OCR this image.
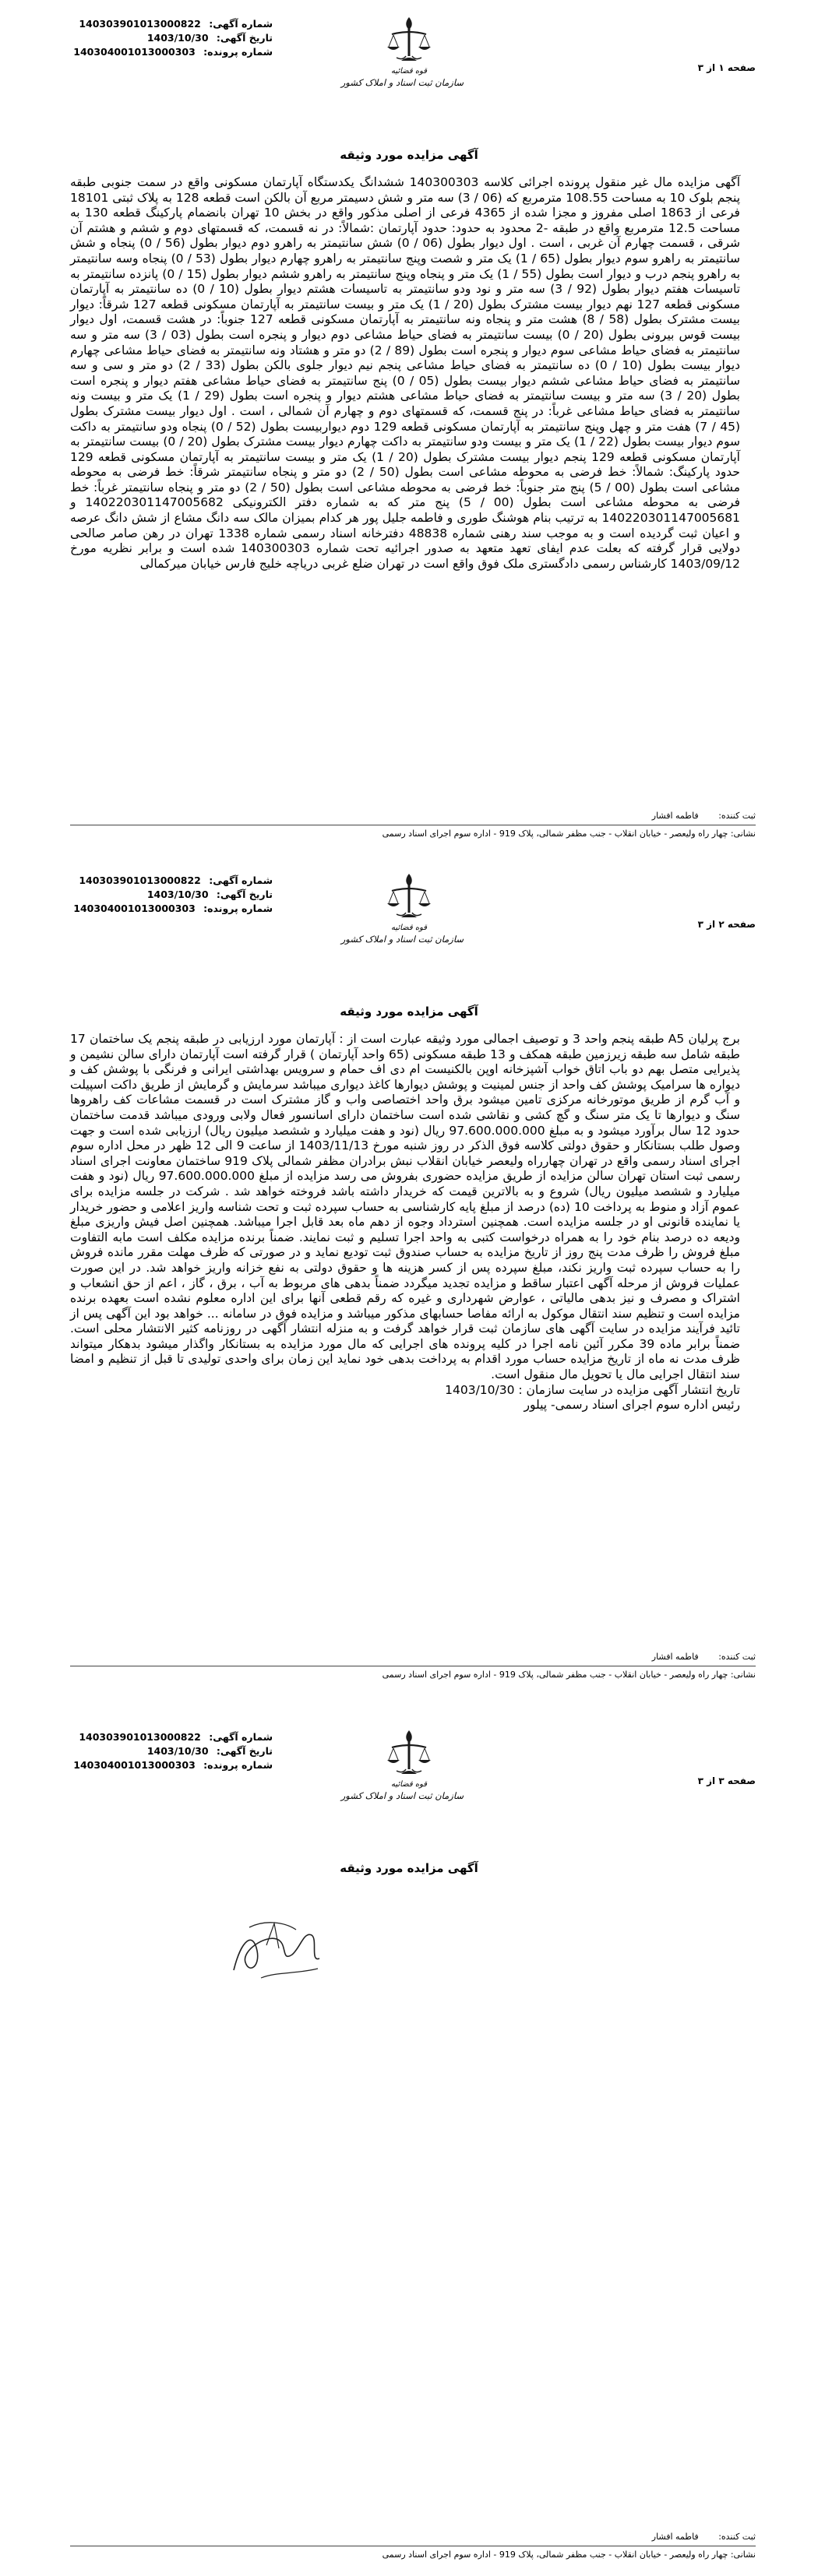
شماره آگهی: 140303901013000822
تاریخ آگهی: 1403/10/30
شماره پرونده: 140304001013000303
قوه قضائیه
سازمان ثبت اسناد و املاک کشور
صفحه ۱ از ۳
آگهی مزایده مورد وثیقه
آگهی مزایده مال غیر منقول پرونده اجرائی کلاسه 140300303 ششدانگ یکدستگاه آپارتمان مسکونی واقع در سمت جنوبی طبقه پنجم بلوک 10 به مساحت 108.55 مترمربع که (06 / 3) سه متر و شش دسیمتر مربع آن بالکن است قطعه 128 به پلاک ثبتی 18101 فرعی از 1863 اصلی مفروز و مجزا شده از 4365 فرعی از اصلی مذکور واقع در بخش 10 تهران بانضمام پارکینگ قطعه 130 به مساحت 12.5 مترمربع واقع در طبقه -2 محدود به حدود: حدود آپارتمان :شمالاً: در نه قسمت، که قسمتهای دوم و ششم و هشتم آن شرقی ، قسمت چهارم آن غربی ، است . اول دیوار بطول (06 / 0) شش سانتیمتر به راهرو دوم دیوار بطول (56 / 0) پنجاه و شش سانتیمتر به راهرو سوم دیوار بطول (65 / 1) یک متر و شصت وپنج سانتیمتر به راهرو چهارم دیوار بطول (53 / 0) پنجاه وسه سانتیمتر به راهرو پنجم درب و دیوار است بطول (55 / 1) یک متر و پنجاه وپنج سانتیمتر به راهرو ششم دیوار بطول (15 / 0) پانزده سانتیمتر به تاسیسات هفتم دیوار بطول (92 / 3) سه متر و نود ودو سانتیمتر به تاسیسات هشتم دیوار بطول (10 / 0) ده سانتیمتر به آپارتمان مسکونی قطعه 127 نهم دیوار بیست مشترک بطول (20 / 1) یک متر و بیست سانتیمتر به آپارتمان مسکونی قطعه 127 شرقاً: دیوار بیست مشترک بطول (58 / 8) هشت متر و پنجاه ونه سانتیمتر به آپارتمان مسکونی قطعه 127 جنوباً: در هشت قسمت، اول دیوار بیست قوس بیرونی بطول (20 / 0) بیست سانتیمتر به فضای حیاط مشاعی دوم دیوار و پنجره است بطول (03 / 3) سه متر و سه سانتیمتر به فضای حیاط مشاعی سوم دیوار و پنجره است بطول (89 / 2) دو متر و هشتاد ونه سانتیمتر به فضای حیاط مشاعی چهارم دیوار بیست بطول (10 / 0) ده سانتیمتر به فضای حیاط مشاعی پنجم نیم دیوار جلوی بالکن بطول (33 / 2) دو متر و سی و سه سانتیمتر به فضای حیاط مشاعی ششم دیوار بیست بطول (05 / 0) پنج سانتیمتر به فضای حیاط مشاعی هفتم دیوار و پنجره است بطول (20 / 3) سه متر و بیست سانتیمتر به فضای حیاط مشاعی هشتم دیوار و پنجره است بطول (29 / 1) یک متر و بیست ونه سانتیمتر به فضای حیاط مشاعی غرباً: در پنج قسمت، که قسمتهای دوم و چهارم آن شمالی ، است . اول دیوار بیست مشترک بطول (45 / 7) هفت متر و چهل وپنج سانتیمتر به آپارتمان مسکونی قطعه 129 دوم دیواربیست بطول (52 / 0) پنجاه ودو سانتیمتر به داکت سوم دیوار بیست بطول (22 / 1) یک متر و بیست ودو سانتیمتر به داکت چهارم دیوار بیست مشترک بطول (20 / 0) بیست سانتیمتر به آپارتمان مسکونی قطعه 129 پنجم دیوار بیست مشترک بطول (20 / 1) یک متر و بیست سانتیمتر به آپارتمان مسکونی قطعه 129 حدود پارکینگ: شمالاً: خط فرضی به محوطه مشاعی است بطول (50 / 2) دو متر و پنجاه سانتیمتر شرقاً: خط فرضی به محوطه مشاعی است بطول (00 / 5) پنج متر جنوباً: خط فرضی به محوطه مشاعی است بطول (50 / 2) دو متر و پنجاه سانتیمتر غرباً: خط فرضی به محوطه مشاعی است بطول (00 / 5) پنج متر که به شماره دفتر الکترونیکی 140220301147005682 و 140220301147005681 به ترتیب بنام هوشنگ طوری و فاطمه جلیل پور هر کدام بمیزان مالک سه دانگ مشاع از شش دانگ عرصه و اعیان ثبت گردیده است و به موجب سند رهنی شماره 48838 دفترخانه اسناد رسمی شماره 1338 تهران در رهن صامر صالحی دولایی قرار گرفته که بعلت عدم ایفای تعهد متعهد به صدور اجرائیه تحت شماره 140300303 شده است و برابر نظریه مورخ 1403/09/12 کارشناس رسمی دادگستری ملک فوق واقع است در تهران ضلع غربی دریاچه خلیج فارس خیابان میرکمالی
ثبت کننده: فاطمه افشار
نشانی: چهار راه ولیعصر - خیابان انقلاب - جنب مظفر شمالی، پلاک 919 - اداره سوم اجرای اسناد رسمی
شماره آگهی: 140303901013000822
تاریخ آگهی: 1403/10/30
شماره پرونده: 140304001013000303
قوه قضائیه
سازمان ثبت اسناد و املاک کشور
صفحه ۲ از ۳
آگهی مزایده مورد وثیقه
برج پرلیان A5 طبقه پنجم واحد 3 و توصیف اجمالی مورد وثیقه عبارت است از : آپارتمان مورد ارزیابی در طبقه پنجم یک ساختمان 17 طبقه شامل سه طبقه زیرزمین طبقه همکف و 13 طبقه مسکونی (65 واحد آپارتمان ) قرار گرفته است آپارتمان دارای سالن نشیمن و پذیرایی متصل بهم دو باب اتاق خواب آشپزخانه اوپن بالکنیست ام دی اف حمام و سرویس بهداشتی ایرانی و فرنگی با پوشش کف و دیواره ها سرامیک پوشش کف واحد از جنس لمینیت و پوشش دیوارها کاغذ دیواری میباشد سرمایش و گرمایش از طریق داکت اسپیلت و آب گرم از طریق موتورخانه مرکزی تامین میشود برق واحد اختصاصی واب و گاز مشترک است در قسمت مشاعات کف راهروها سنگ و دیوارها تا یک متر سنگ و گچ کشی و نقاشی شده است ساختمان دارای اسانسور فعال ولابی ورودی میباشد قدمت ساختمان حدود 12 سال برآورد میشود و به مبلغ 97.600.000.000 ریال (نود و هفت میلیارد و ششصد میلیون ریال) ارزیابی شده است و جهت وصول طلب بستانکار و حقوق دولتی کلاسه فوق الذکر در روز شنبه مورخ 1403/11/13 از ساعت 9 الی 12 ظهر در محل اداره سوم اجرای اسناد رسمی واقع در تهران چهارراه ولیعصر خیابان انقلاب نبش برادران مظفر شمالی پلاک 919 ساختمان معاونت اجرای اسناد رسمی ثبت استان تهران سالن مزایده از طریق مزایده حضوری بفروش می رسد مزایده از مبلغ 97.600.000.000 ریال (نود و هفت میلیارد و ششصد میلیون ریال) شروع و به بالاترین قیمت که خریدار داشته باشد فروخته خواهد شد . شرکت در جلسه مزایده برای عموم آزاد و منوط به پرداخت 10 (ده) درصد از مبلغ پایه کارشناسی به حساب سپرده ثبت و تحت شناسه واریز اعلامی و حضور خریدار یا نماینده قانونی او در جلسه مزایده است. همچنین استرداد وجوه از دهم ماه بعد قابل اجرا میباشد. همچنین اصل فیش واریزی مبلغ ودیعه ده درصد بنام خود را به همراه درخواست کتبی به واحد اجرا تسلیم و ثبت نمایند. ضمناً برنده مزایده مکلف است مابه التفاوت مبلغ فروش را ظرف مدت پنج روز از تاریخ مزایده به حساب صندوق ثبت تودیع نماید و در صورتی که ظرف مهلت مقرر مانده فروش را به حساب سپرده ثبت واریز نکند، مبلغ سپرده پس از کسر هزینه ها و حقوق دولتی به نفع خزانه واریز خواهد شد. در این صورت عملیات فروش از مرحله آگهی اعتبار ساقط و مزایده تجدید میگردد ضمناً بدهی های مربوط به آب ، برق ، گاز ، اعم از حق انشعاب و اشتراک و مصرف و نیز بدهی مالیاتی ، عوارض شهرداری و غیره که رقم قطعی آنها برای این اداره معلوم نشده است بعهده برنده مزایده است و تنظیم سند انتقال موکول به ارائه مفاصا حسابهای مذکور میباشد و مزایده فوق در سامانه ... خواهد بود این آگهی پس از تائید فرآیند مزایده در سایت آگهی های سازمان ثبت قرار خواهد گرفت و به منزله انتشار آگهی در روزنامه کثیر الانتشار محلی است. ضمناً برابر ماده 39 مکرر آئین نامه اجرا در کلیه پرونده های اجرایی که مال مورد مزایده به بستانکار واگذار میشود بدهکار میتواند ظرف مدت نه ماه از تاریخ مزایده حساب مورد اقدام به پرداخت بدهی خود نماید این زمان برای واحدی تولیدی تا قبل از تنظیم و امضا سند انتقال اجرایی مال یا تحویل مال منقول است.
تاریخ انتشار آگهی مزایده در سایت سازمان : 1403/10/30
رئیس اداره سوم اجرای اسناد رسمی- پیلور
ثبت کننده: فاطمه افشار
نشانی: چهار راه ولیعصر - خیابان انقلاب - جنب مظفر شمالی، پلاک 919 - اداره سوم اجرای اسناد رسمی
شماره آگهی: 140303901013000822
تاریخ آگهی: 1403/10/30
شماره پرونده: 140304001013000303
قوه قضائیه
سازمان ثبت اسناد و املاک کشور
صفحه ۳ از ۳
آگهی مزایده مورد وثیقه
ثبت کننده: فاطمه افشار
نشانی: چهار راه ولیعصر - خیابان انقلاب - جنب مظفر شمالی، پلاک 919 - اداره سوم اجرای اسناد رسمی
